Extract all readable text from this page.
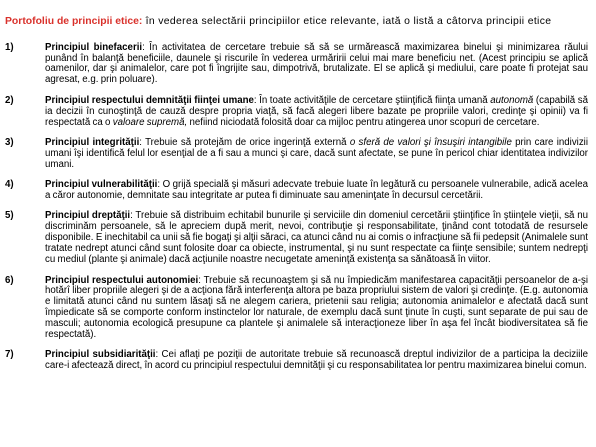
Portofoliu de principii etice: în vederea selectării principiilor etice relevante, iată o listă a câtorva principii etice

1)	Principiul binefacerii: În activitatea de cercetare trebuie să să se urmărească maximizarea binelui şi minimizarea răului punând în balanţă beneficiile, daunele şi riscurile în vederea urmăririi celui mai mare beneficiu net. (Acest principiu se aplică oamenilor, dar şi animalelor, care pot fi îngrijite sau, dimpotrivă, brutalizate. El se aplică şi mediului, care poate fi protejat sau agresat, e.g. prin poluare).
2)	Principiul respectului demnităţii fiinţei umane: În toate activităţile de cercetare ştiinţifică fiinţa umană autonomă (capabilă să ia decizii în cunoştinţă de cauză despre propria viaţă, să facă alegeri libere bazate pe propriile valori, credinţe şi opinii) va fi respectată ca o valoare supremă, nefiind niciodată folosită doar ca mijloc pentru atingerea unor scopuri de cercetare.
3)	Principiul integrităţii: Trebuie să protejăm de orice ingerinţă externă o sferă de valori şi însuşiri intangibile prin care indivizii umani îşi identifică felul lor esenţial de a fi sau a munci şi care, dacă sunt afectate, se pune în pericol chiar identitatea indivizilor umani.
4)	Principiul vulnerabilităţii: O grijă specială şi măsuri adecvate trebuie luate în legătură cu persoanele vulnerabile, adică acelea a căror autonomie, demnitate sau integritate ar putea fi diminuate sau ameninţate în decursul cercetării.
5)	Principiul dreptăţii: Trebuie să distribuim echitabil bunurile şi serviciile din domeniul cercetării ştiinţifice în ştiinţele vieţii, să nu discriminăm persoanele, să le apreciem după merit, nevoi, contribuţie şi responsabilitate, ţinând cont totodată de resursele disponibile. E inechitabil ca unii să fie bogaţi şi alţii săraci, ca atunci când nu ai comis o infracţiune să fii pedepsit (Animalele sunt tratate nedrept atunci când sunt folosite doar ca obiecte, instrumental, şi nu sunt respectate ca fiinţe sensibile; suntem nedrepţi cu mediul (plante şi animale) dacă acţiunile noastre necugetate ameninţă existenţa sa sănătoasă în viitor.
6)	Principiul respectului autonomiei: Trebuie să recunoaştem şi să nu împiedicăm manifestarea capacităţii persoanelor de a-şi hotărî liber propriile alegeri şi de a acţiona fără interferenţa altora pe baza propriului sistem de valori şi credinţe. (E.g. autonomia e limitată atunci când nu suntem lăsaţi să ne alegem cariera, prietenii sau religia; autonomia animalelor e afectată dacă sunt împiedicate să se comporte conform instinctelor lor naturale, de exemplu dacă sunt ţinute în cuşti, sunt separate de pui sau de masculi; autonomia ecologică presupune ca plantele şi animalele să interacţioneze liber în aşa fel încât biodiversitatea să fie respectată).
7)	Principiul subsidiarităţii: Cei aflaţi pe poziţii de autoritate trebuie să recunoască dreptul indivizilor de a participa la deciziile care-i afectează direct, în acord cu principiul respectului demnităţii şi cu responsabilitatea lor pentru maximizarea binelui comun.
